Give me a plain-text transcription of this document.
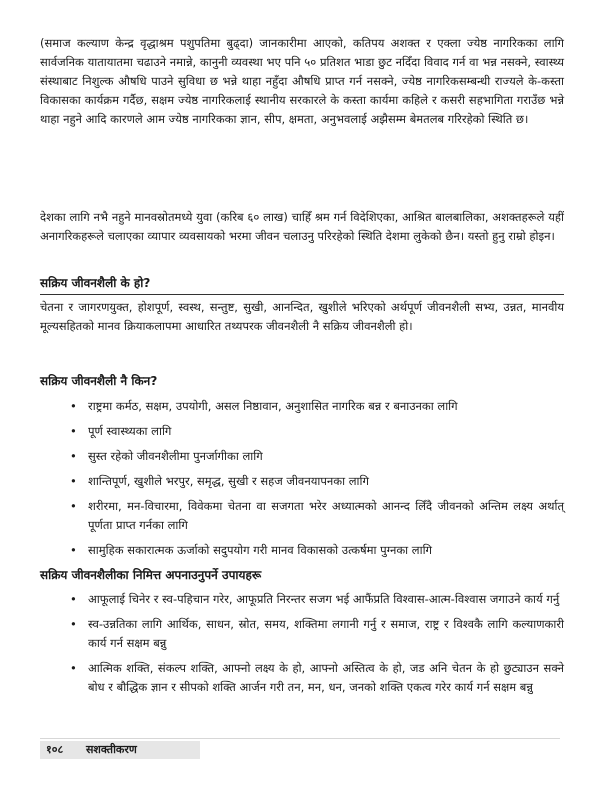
(समाज कल्याण केन्द्र वृद्धाश्रम पशुपतिमा बुढ्दा) जानकारीमा आएको, कतिपय अशक्त र एक्ला ज्येष्ठ नागरिकका लागि सार्वजनिक यातायातमा चढाउने नमान्ने, कानुनी व्यवस्था भए पनि ५० प्रतिशत भाडा छुट नदिँदा विवाद गर्न वा भन्न नसक्ने, स्वास्थ्य संस्थाबाट निशुल्क औषधि पाउने सुविधा छ भन्ने थाहा नहुँदा औषधि प्राप्त गर्न नसक्ने, ज्येष्ठ नागरिकसम्बन्धी राज्यले के-कस्ता विकासका कार्यक्रम गर्दैछ, सक्षम ज्येष्ठ नागरिकलाई स्थानीय सरकारले के कस्ता कार्यमा कहिले र कसरी सहभागिता गराउँछ भन्ने थाहा नहुने आदि कारणले आम ज्येष्ठ नागरिकका ज्ञान, सीप, क्षमता, अनुभवलाई अझैसम्म बेमतलब गरिरहेको स्थिति छ।

देशका लागि नभै नहुने मानवस्रोतमध्ये युवा (करिब ६० लाख) चाहिँ श्रम गर्न विदेशिएका, आश्रित बालबालिका, अशक्तहरूले यहीं अनागरिकहरूले चलाएका व्यापार व्यवसायको भरमा जीवन चलाउनु परिरहेको स्थिति देशमा लुकेको छैन। यस्तो हुनु राम्रो होइन।

सक्रिय जीवनशैली के हो?

चेतना र जागरणयुक्त, होशपूर्ण, स्वस्थ, सन्तुष्ट, सुखी, आनन्दित, खुशीले भरिएको अर्थपूर्ण जीवनशैली सभ्य, उन्नत, मानवीय मूल्यसहितको मानव क्रियाकलापमा आधारित तथ्यपरक जीवनशैली नै सक्रिय जीवनशैली हो।

सक्रिय जीवनशैली नै किन?
• राष्ट्रमा कर्मठ, सक्षम, उपयोगी, असल निष्ठावान, अनुशासित नागरिक बन्न र बनाउनका लागि
• पूर्ण स्वास्थ्यका लागि
• सुस्त रहेको जीवनशैलीमा पुनर्जागीका लागि
• शान्तिपूर्ण, खुशीले भरपुर, समृद्ध, सुखी र सहज जीवनयापनका लागि
• शरीरमा, मन-विचारमा, विवेकमा चेतना वा सजगता भरेर अध्यात्मको आनन्द लिँदै जीवनको अन्तिम लक्ष्य अर्थात् पूर्णता प्राप्त गर्नका लागि
• सामुहिक सकारात्मक ऊर्जाको सदुपयोग गरी मानव विकासको उत्कर्षमा पुग्नका लागि
सक्रिय जीवनशैलीका निमित्त अपनाउनुपर्ने उपायहरू
• आफूलाई चिनेर र स्व-पहिचान गरेर, आफूप्रति निरन्तर सजग भई आफैंप्रति विश्वास-आत्म-विश्वास जगाउने कार्य गर्नु
• स्व-उन्नतिका लागि आर्थिक, साधन, स्रोत, समय, शक्तिमा लगानी गर्नु र समाज, राष्ट्र र विश्वकै लागि कल्याणकारी कार्य गर्न सक्षम बन्नु
• आत्मिक शक्ति, संकल्प शक्ति, आफ्नो लक्ष्य के हो, आफ्नो अस्तित्व के हो, जड अनि चेतन के हो छुट्याउन सक्ने बोध र बौद्धिक ज्ञान र सीपको शक्ति आर्जन गरी तन, मन, धन, जनको शक्ति एकत्व गरेर कार्य गर्न सक्षम बन्नु
१०८ सशक्तीकरण
